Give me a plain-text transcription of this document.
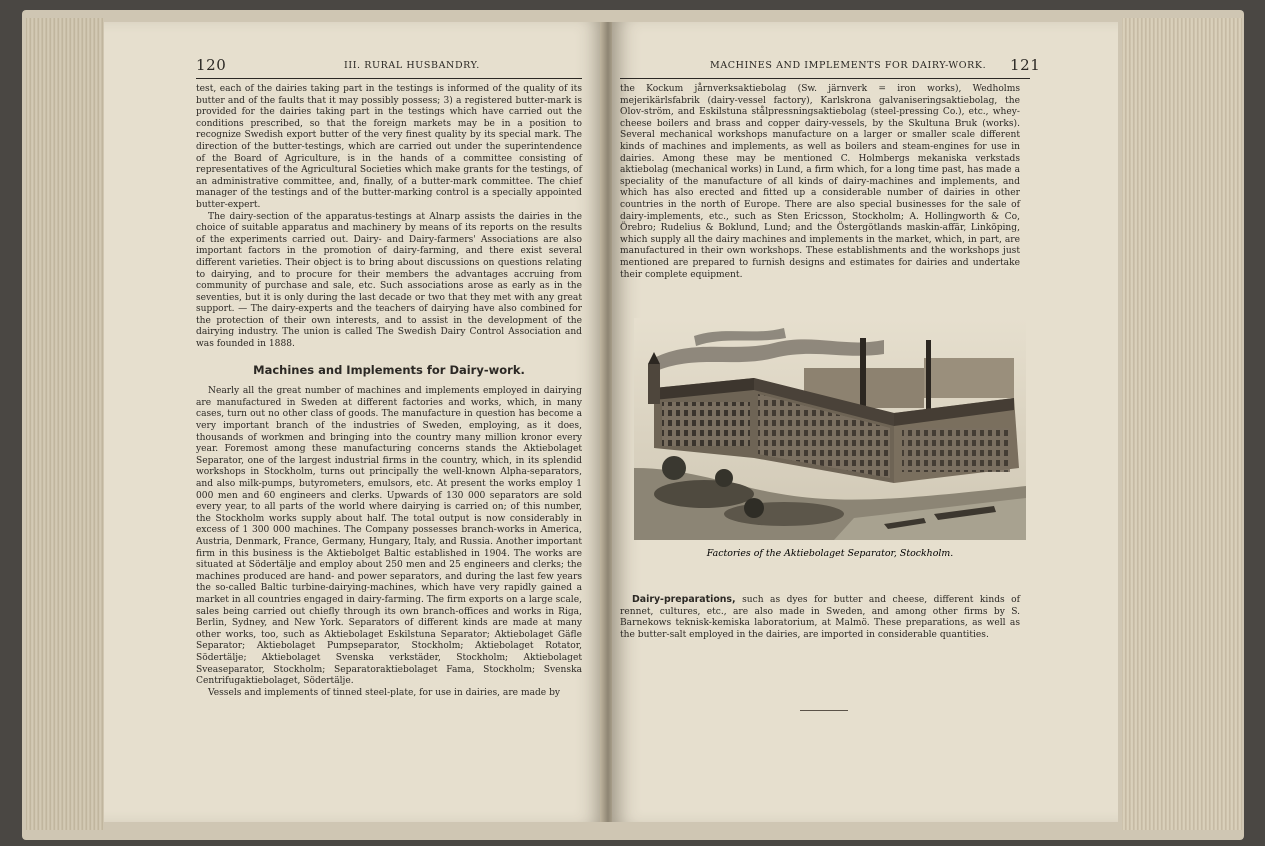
120	III. RURAL HUSBANDRY.

test, each of the dairies taking part in the testings is informed of the quality of its butter and of the faults that it may possibly possess; 3) a registered butter-mark is provided for the dairies taking part in the testings which have carried out the conditions prescribed, so that the foreign markets may be in a position to recognize Swedish export butter of the very finest quality by its special mark. The direction of the butter-testings, which are carried out under the superintendence of the Board of Agriculture, is in the hands of a committee consisting of representatives of the Agricultural Societies which make grants for the testings, of an administrative committee, and, finally, of a butter-mark committee. The chief manager of the testings and of the butter-marking control is a specially appointed butter-expert.

The dairy-section of the apparatus-testings at Alnarp assists the dairies in the choice of suitable apparatus and machinery by means of its reports on the results of the experiments carried out. Dairy- and Dairy-farmers' Associations are also important factors in the promotion of dairy-farming, and there exist several different varieties. Their object is to bring about discussions on questions relating to dairying, and to procure for their members the advantages accruing from community of purchase and sale, etc. Such associations arose as early as in the seventies, but it is only during the last decade or two that they met with any great support. — The dairy-experts and the teachers of dairying have also combined for the protection of their own interests, and to assist in the development of the dairying industry. The union is called The Swedish Dairy Control Association and was founded in 1888.

Machines and Implements for Dairy-work.

Nearly all the great number of machines and implements employed in dairying are manufactured in Sweden at different factories and works, which, in many cases, turn out no other class of goods. The manufacture in question has become a very important branch of the industries of Sweden, employing, as it does, thousands of workmen and bringing into the country many million kronor every year. Foremost among these manufacturing concerns stands the Aktiebolaget Separator, one of the largest industrial firms in the country, which, in its splendid workshops in Stockholm, turns out principally the well-known Alpha-separators, and also milk-pumps, butyrometers, emulsors, etc. At present the works employ 1 000 men and 60 engineers and clerks. Upwards of 130 000 separators are sold every year, to all parts of the world where dairying is carried on; of this number, the Stockholm works supply about half. The total output is now considerably in excess of 1 300 000 machines. The Company possesses branch-works in America, Austria, Denmark, France, Germany, Hungary, Italy, and Russia. Another important firm in this business is the Aktiebolget Baltic established in 1904. The works are situated at Södertälje and employ about 250 men and 25 engineers and clerks; the machines produced are hand- and power separators, and during the last few years the so-called Baltic turbine-dairying-machines, which have very rapidly gained a market in all countries engaged in dairy-farming. The firm exports on a large scale, sales being carried out chiefly through its own branch-offices and works in Riga, Berlin, Sydney, and New York. Separators of different kinds are made at many other works, too, such as Aktiebolaget Eskilstuna Separator; Aktiebolaget Gäfle Separator; Aktiebolaget Pumpseparator, Stockholm; Aktiebolaget Rotator, Södertälje; Aktiebolaget Svenska verkstäder, Stockholm; Aktiebolaget Sveaseparator, Stockholm; Separatoraktiebolaget Fama, Stockholm; Svenska Centrifugaktiebolaget, Södertälje.

Vessels and implements of tinned steel-plate, for use in dairies, are made by

MACHINES AND IMPLEMENTS FOR DAIRY-WORK. 121

the Kockum jårnverksaktiebolag (Sw. järnverk = iron works), Wedholms mejerikärlsfabrik (dairy-vessel factory), Karlskrona galvaniseringsaktiebolag, the Olov-ström, and Eskilstuna stålpressningsaktiebolag (steel-pressing Co.), etc., whey-cheese boilers and brass and copper dairy-vessels, by the Skultuna Bruk (works). Several mechanical workshops manufacture on a larger or smaller scale different kinds of machines and implements, as well as boilers and steam-engines for use in dairies. Among these may be mentioned C. Holmbergs mekaniska verkstads aktiebolag (mechanical works) in Lund, a firm which, for a long time past, has made a speciality of the manufacture of all kinds of dairy-machines and implements, and which has also erected and fitted up a considerable number of dairies in other countries in the north of Europe. There are also special businesses for the sale of dairy-implements, etc., such as Sten Ericsson, Stockholm; A. Hollingworth & Co, Örebro; Rudelius & Boklund, Lund; and the Östergötlands maskin-affär, Linköping, which supply all the dairy machines and implements in the market, which, in part, are manufactured in their own workshops. These establishments and the workshops just mentioned are prepared to furnish designs and estimates for dairies and undertake their complete equipment.

Dairy-preparations, such as dyes for butter and cheese, different kinds of rennet, cultures, etc., are also made in Sweden, and among other firms by S. Barnekows teknisk-kemiska laboratorium, at Malmö. These preparations, as well as the butter-salt employed in the dairies, are imported in considerable quantities.

Factories of the Aktiebolaget Separator, Stockholm.
